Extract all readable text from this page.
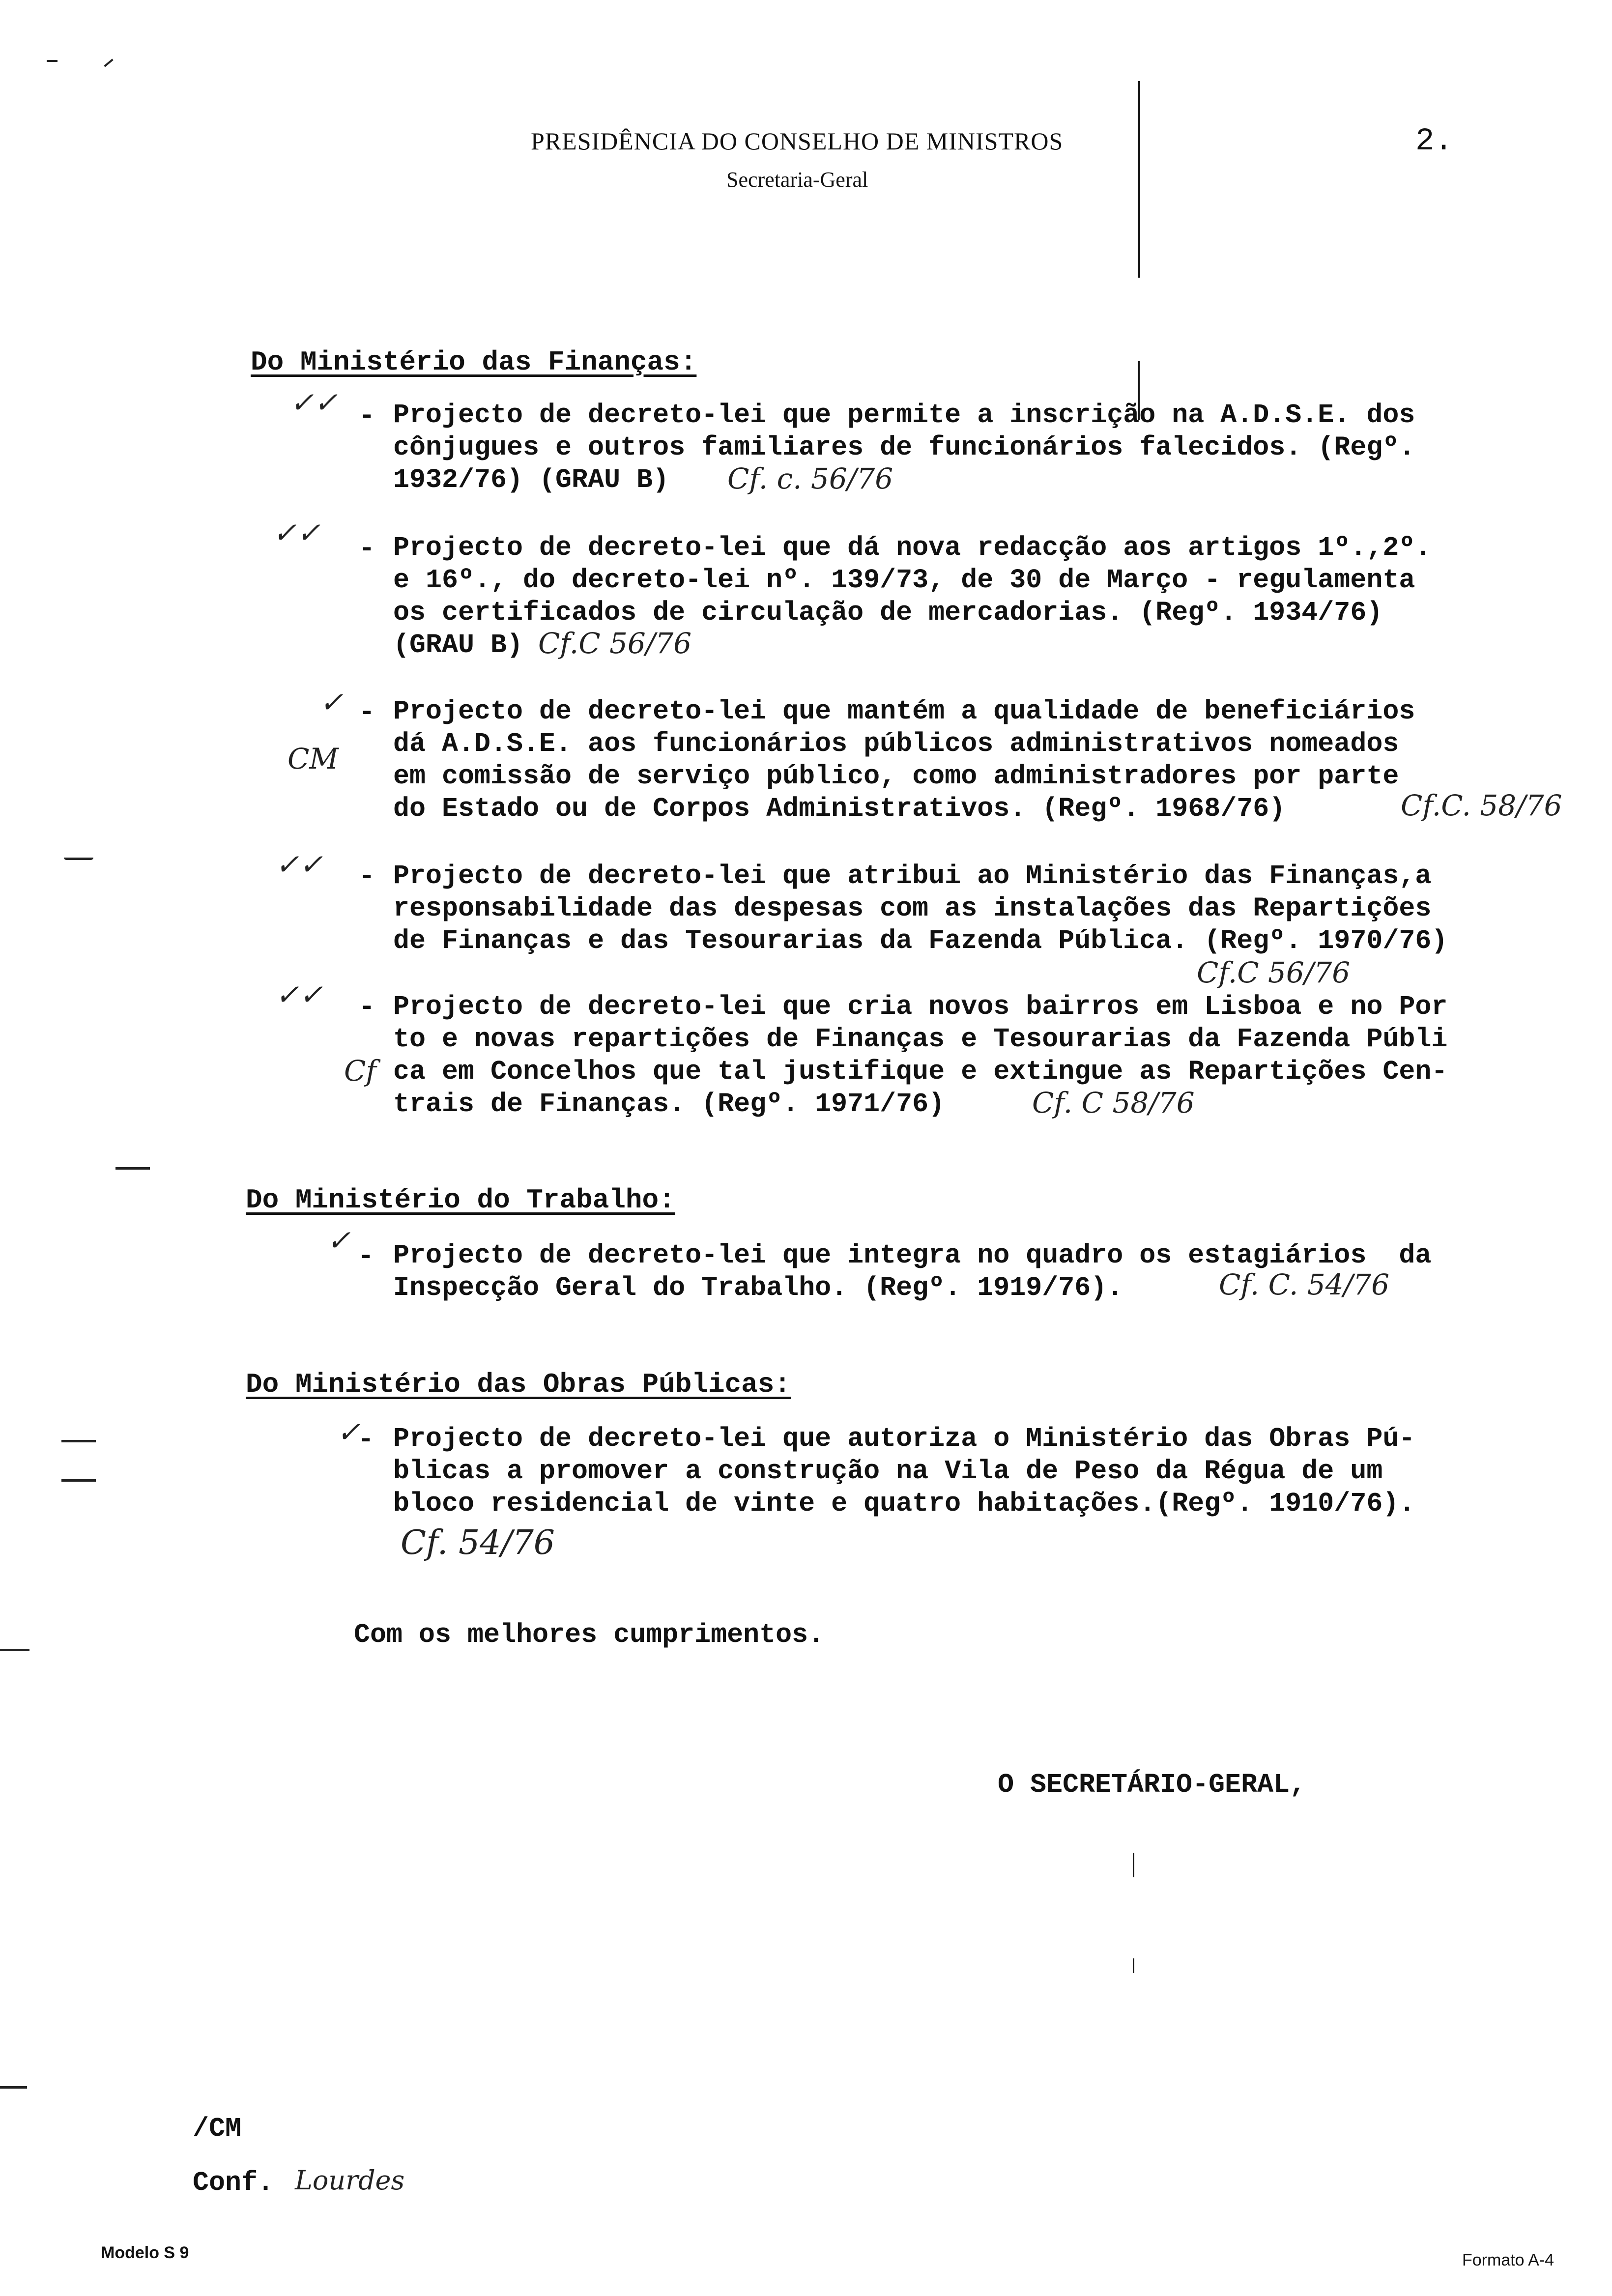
PRESIDÊNCIA DO CONSELHO DE MINISTROS
Secretaria-Geral
2.
Do Ministério das Finanças:
✓✓ - Projecto de decreto-lei que permite a inscrição na A.D.S.E. dos
cônjugues e outros familiares de funcionários falecidos. (Regº.
1932/76) (GRAU B)	Cf. c. 56/76
✓✓ - Projecto de decreto-lei que dá nova redacção aos artigos 1º.,2º.
e 16º., do decreto-lei nº. 139/73, de 30 de Março - regulamenta
os certificados de circulação de mercadorias. (Regº. 1934/76)
(GRAU B) Cf.C 56/76
✓
CM
- Projecto de decreto-lei que mantém a qualidade de beneficiários
dá A.D.S.E. aos funcionários públicos administrativos nomeados
em comissão de serviço público, como administradores por parte
do Estado ou de Corpos Administrativos. (Regº. 1968/76)	Cf.C. 58/76
✓✓ - Projecto de decreto-lei que atribui ao Ministério das Finanças,a
responsabilidade das despesas com as instalações das Repartições
de Finanças e das Tesourarias da Fazenda Pública. (Regº. 1970/76)
Cf.C 56/76
✓✓
Cf
- Projecto de decreto-lei que cria novos bairros em Lisboa e no Por
to e novas repartições de Finanças e Tesourarias da Fazenda Públi
ca em Concelhos que tal justifique e extingue as Repartições Cen-
trais de Finanças. (Regº. 1971/76)	Cf. C 58/76
Do Ministério do Trabalho:
✓ - Projecto de decreto-lei que integra no quadro os estagiários  da
Inspecção Geral do Trabalho. (Regº. 1919/76).	Cf. C. 54/76
Do Ministério das Obras Públicas:
✓
- Projecto de decreto-lei que autoriza o Ministério das Obras Pú-
blicas a promover a construção na Vila de Peso da Régua de um
bloco residencial de vinte e quatro habitações.(Regº. 1910/76).
Cf. 54/76
Com os melhores cumprimentos.
O SECRETÁRIO-GERAL,
/CM
Conf. Lourdes
Modelo S 9	Formato A-4
